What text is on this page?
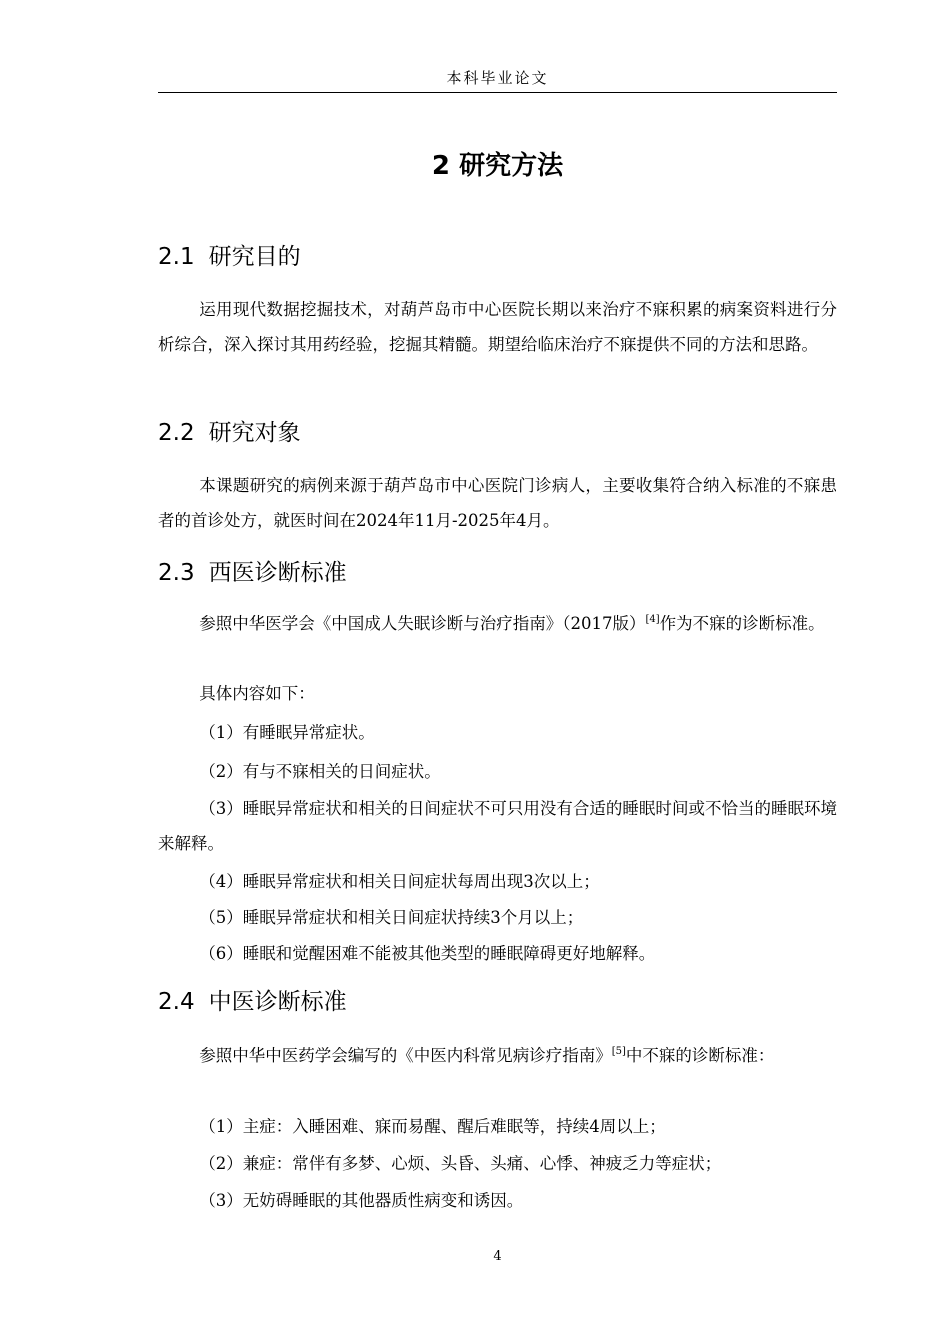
本科毕业论文
2 研究方法
2.1 研究目的
运用现代数据挖掘技术，对葫芦岛市中心医院长期以来治疗不寐积累的病案资料进行分析综合，深入探讨其用药经验，挖掘其精髓。期望给临床治疗不寐提供不同的方法和思路。
2.2 研究对象
本课题研究的病例来源于葫芦岛市中心医院门诊病人，主要收集符合纳入标准的不寐患者的首诊处方，就医时间在2024年11月-2025年4月。
2.3 西医诊断标准
参照中华医学会《中国成人失眠诊断与治疗指南》（2017版）[4]作为不寐的诊断标准。
具体内容如下：
（1）有睡眠异常症状。
（2）有与不寐相关的日间症状。
（3）睡眠异常症状和相关的日间症状不可只用没有合适的睡眠时间或不恰当的睡眠环境来解释。
（4）睡眠异常症状和相关日间症状每周出现3次以上；
（5）睡眠异常症状和相关日间症状持续3个月以上；
（6）睡眠和觉醒困难不能被其他类型的睡眠障碍更好地解释。
2.4 中医诊断标准
参照中华中医药学会编写的《中医内科常见病诊疗指南》[5]中不寐的诊断标准：
（1）主症：入睡困难、寐而易醒、醒后难眠等，持续4周以上；
（2）兼症：常伴有多梦、心烦、头昏、头痛、心悸、神疲乏力等症状；
（3）无妨碍睡眠的其他器质性病变和诱因。
4
